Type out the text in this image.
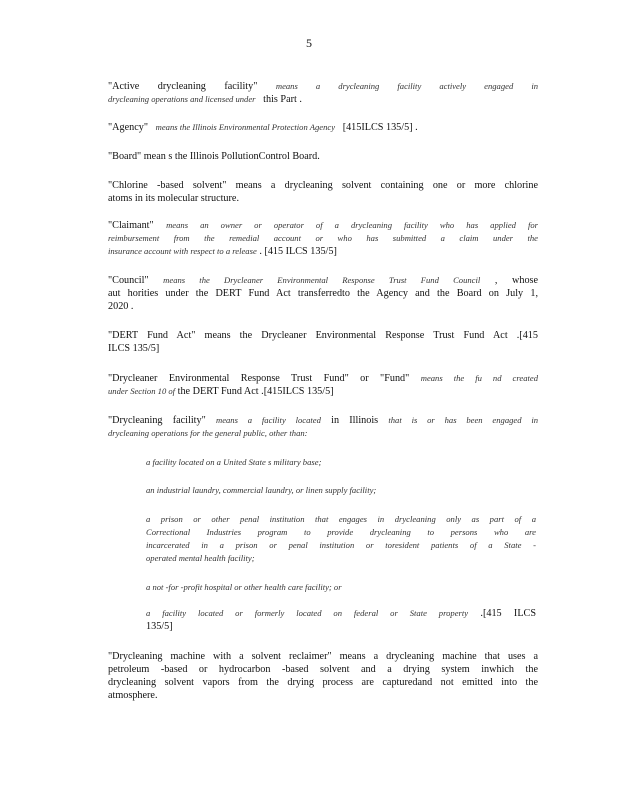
5
"Active drycleaning facility" means a drycleaning facility actively engaged in
drycleaning operations and licensed under this Part .
"Agency" means the Illinois Environmental Protection Agency [415ILCS 135/5] .
"Board" mean s the Illinois PollutionControl Board.
"Chlorine -based solvent" means a drycleaning solvent containing one or more chlorine
atoms in its molecular structure.
"Claimant" means an owner or operator of a drycleaning facility who has applied for
reimbursement from the remedial account or who has submitted a claim under the
insurance account with respect to a release . [415 ILCS 135/5]
"Council" means the Drycleaner Environmental Response Trust Fund Council , whose
aut horities under the DERT Fund Act transferredto the Agency and the Board on July 1,
2020 .
"DERT Fund Act" means the Drycleaner Environmental Response Trust Fund Act .[415
ILCS 135/5]
"Drycleaner Environmental Response Trust Fund" or "Fund" means the fu nd created
under Section 10 of the DERT Fund Act .[415ILCS 135/5]
"Drycleaning facility" means a facility located in Illinois that is or has been engaged in
drycleaning operations for the general public, other than:
a facility located on a United State s military base;
an industrial laundry, commercial laundry, or linen supply facility;
a prison or other penal institution that engages in drycleaning only as part of a
Correctional Industries program to provide drycleaning to persons who are
incarcerated in a prison or penal institution or toresident patients of a State -
operated mental health facility;
a not -for -profit hospital or other health care facility; or
a facility located or formerly located on federal or State property .[415 ILCS
135/5]
"Drycleaning machine with a solvent reclaimer" means a drycleaning machine that uses a
petroleum -based or hydrocarbon -based solvent and a drying system inwhich the
drycleaning solvent vapors from the drying process are capturedand not emitted into the
atmosphere.
